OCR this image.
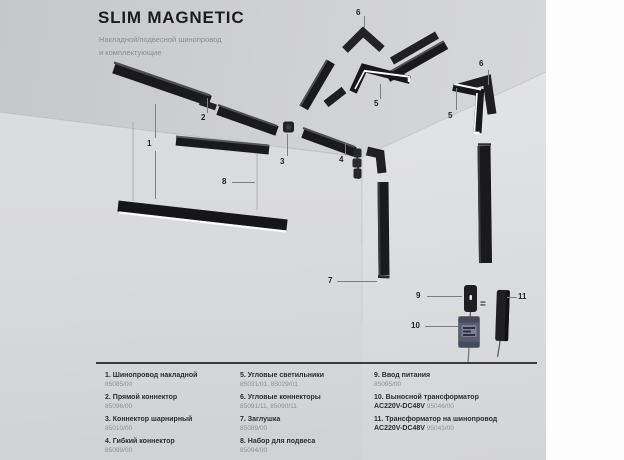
SLIM MAGNETIC
Накладной/подвесной шинопровод
и комплектующие
1
2
3	4
5
6
5
6
7
8
9
10
11
=
1. Шинопровод накладной
85085/00
2. Прямой коннектор
85096/00
3. Коннектор шарнирный
85010/00
4. Гибкий коннектор
85099/00
5. Угловые светильники
85031/01, 85029/01
6. Угловые коннекторы
85091/11, 85090/11
7. Заглушка
85089/00
8. Набор для подвеса
85094/00
9. Ввод питания
85095/00
10. Выносной трансформатор
AC220V-DC48V 95046/00
11. Трансформатор на шинопровод
AC220V-DC48V 95043/00
